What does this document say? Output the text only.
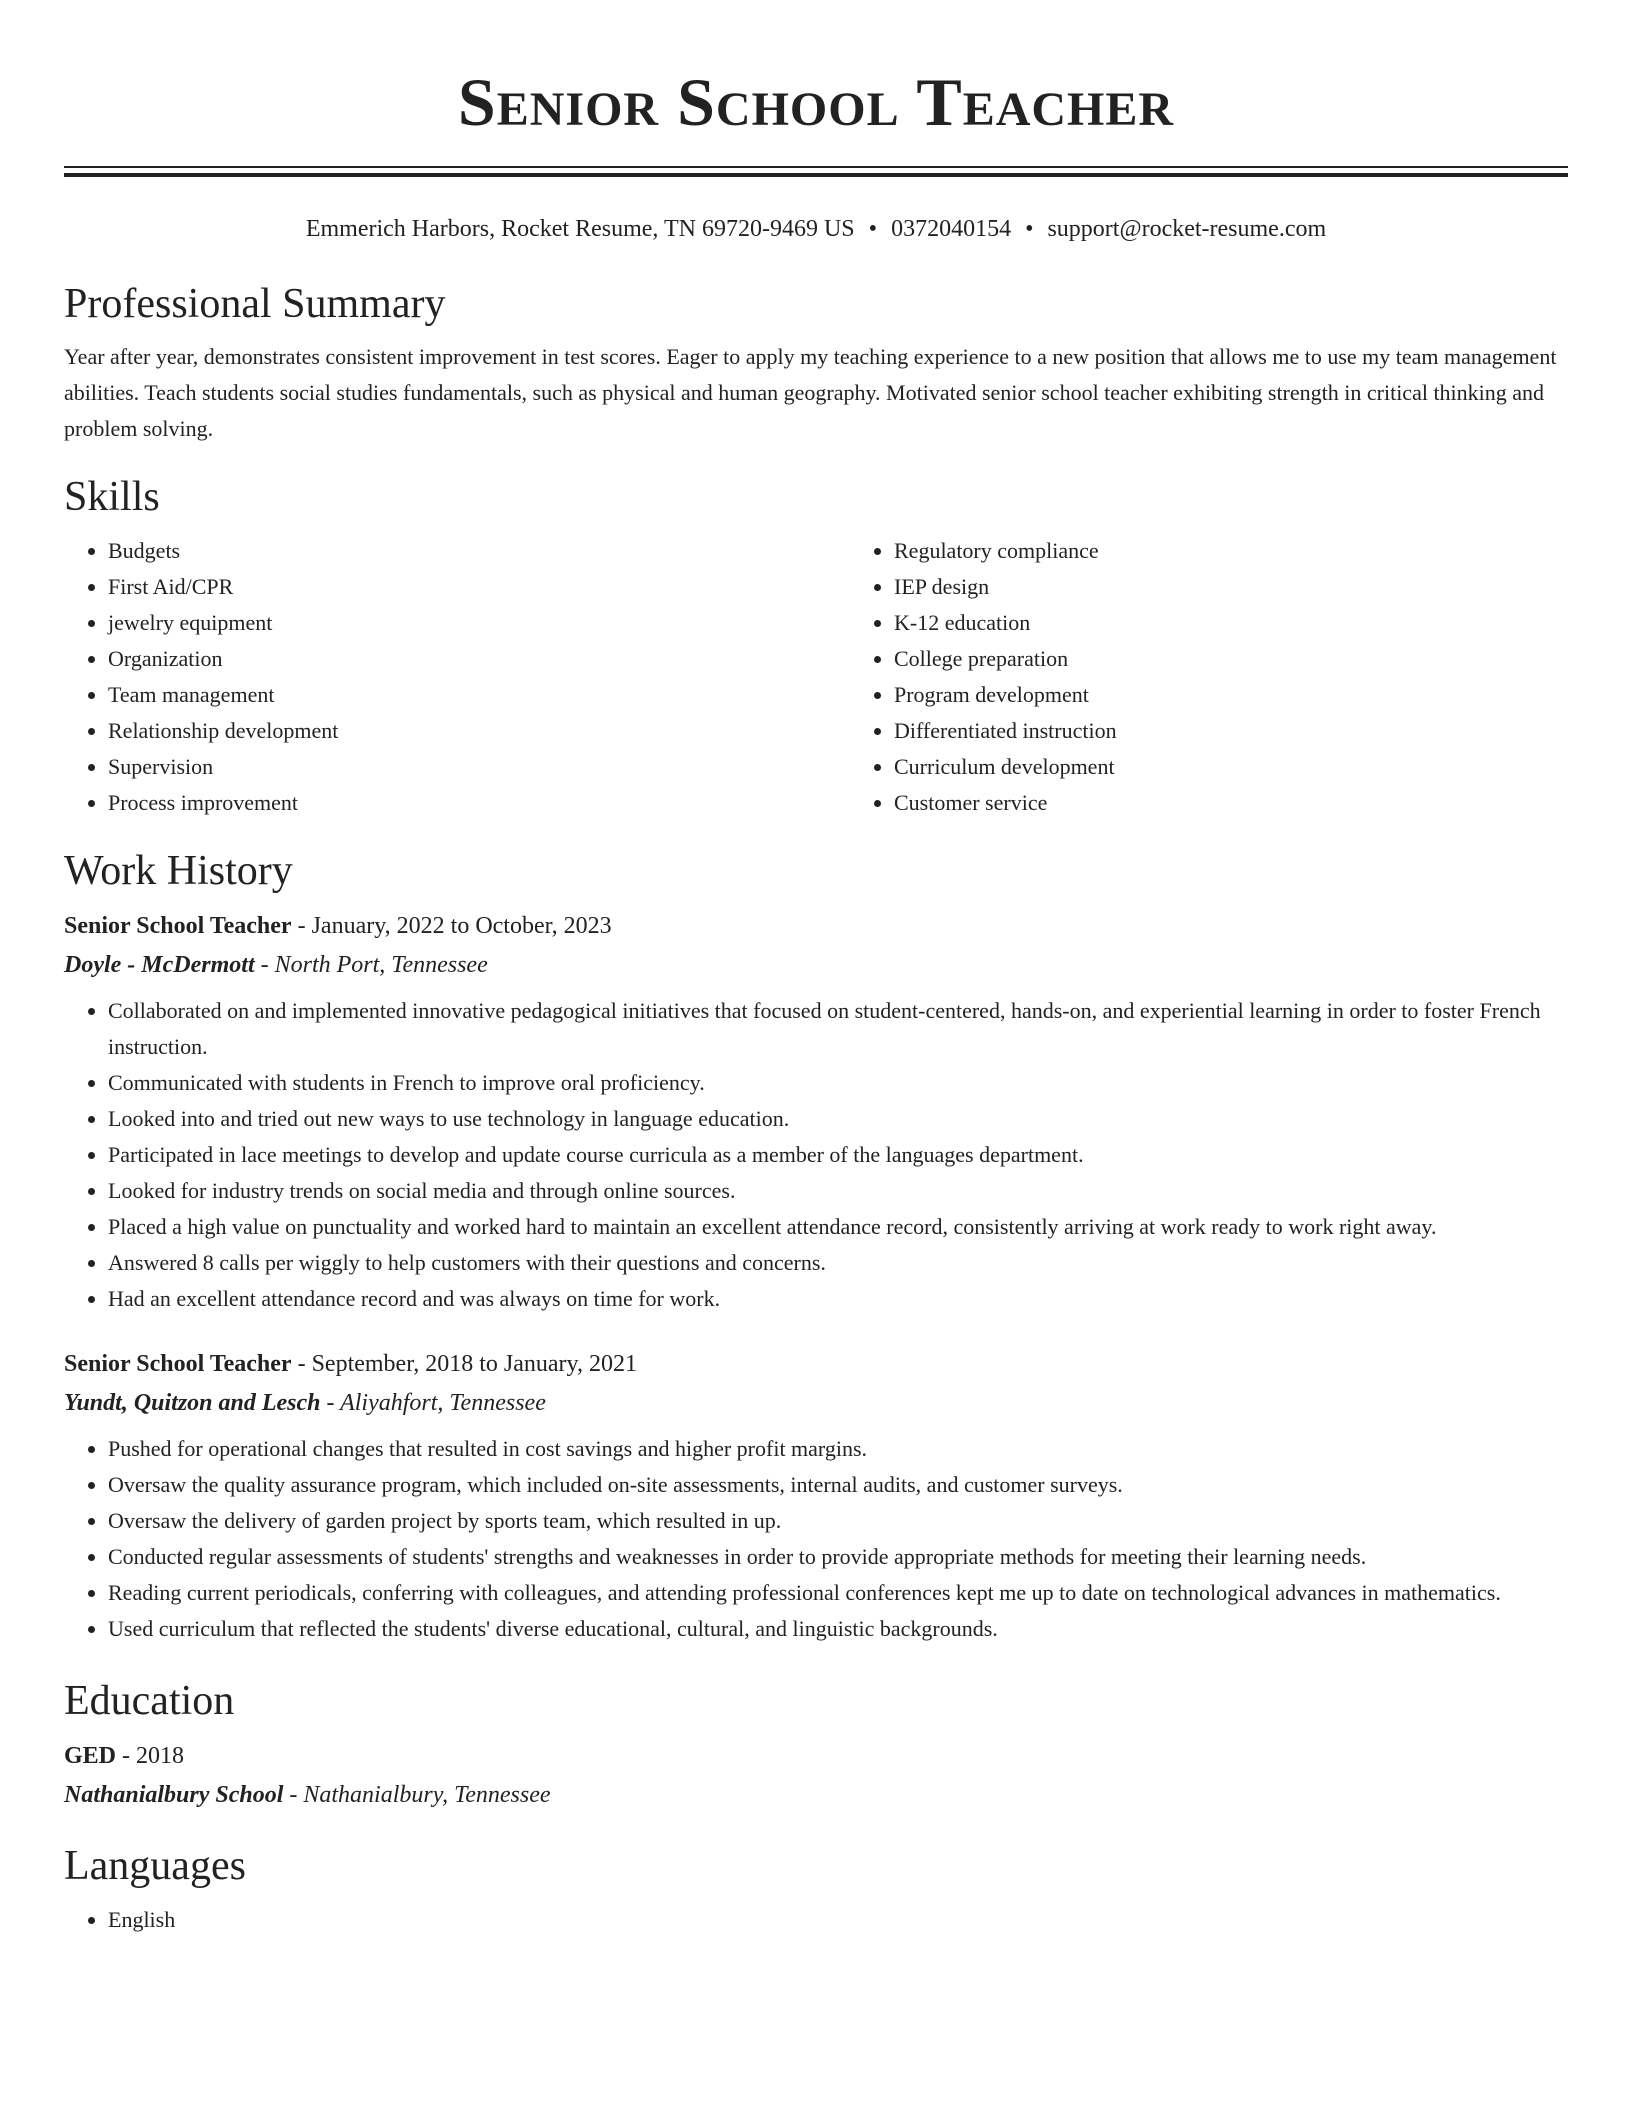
Senior School Teacher
Emmerich Harbors, Rocket Resume, TN 69720-9469 US • 0372040154 • support@rocket-resume.com
Professional Summary

Year after year, demonstrates consistent improvement in test scores. Eager to apply my teaching experience to a new position that allows me to use my team management abilities. Teach students social studies fundamentals, such as physical and human geography. Motivated senior school teacher exhibiting strength in critical thinking and problem solving.

Skills
• Budgets
• First Aid/CPR
• jewelry equipment
• Organization
• Team management
• Relationship development
• Supervision
• Process improvement
• Regulatory compliance
• IEP design
• K-12 education
• College preparation
• Program development
• Differentiated instruction
• Curriculum development
• Customer service
Work History

Senior School Teacher - January, 2022 to October, 2023

Doyle - McDermott - North Port, Tennessee

• Collaborated on and implemented innovative pedagogical initiatives that focused on student-centered, hands-on, and experiential learning in order to foster French instruction.
• Communicated with students in French to improve oral proficiency.
• Looked into and tried out new ways to use technology in language education.
• Participated in lace meetings to develop and update course curricula as a member of the languages department.
• Looked for industry trends on social media and through online sources.
• Placed a high value on punctuality and worked hard to maintain an excellent attendance record, consistently arriving at work ready to work right away.
• Answered 8 calls per wiggly to help customers with their questions and concerns.
• Had an excellent attendance record and was always on time for work.

Senior School Teacher - September, 2018 to January, 2021

Yundt, Quitzon and Lesch - Aliyahfort, Tennessee

• Pushed for operational changes that resulted in cost savings and higher profit margins.
• Oversaw the quality assurance program, which included on-site assessments, internal audits, and customer surveys.
• Oversaw the delivery of garden project by sports team, which resulted in up.
• Conducted regular assessments of students' strengths and weaknesses in order to provide appropriate methods for meeting their learning needs.
• Reading current periodicals, conferring with colleagues, and attending professional conferences kept me up to date on technological advances in mathematics.
• Used curriculum that reflected the students' diverse educational, cultural, and linguistic backgrounds.
Education

GED - 2018

Nathanialbury School - Nathanialbury, Tennessee

Languages
• English
